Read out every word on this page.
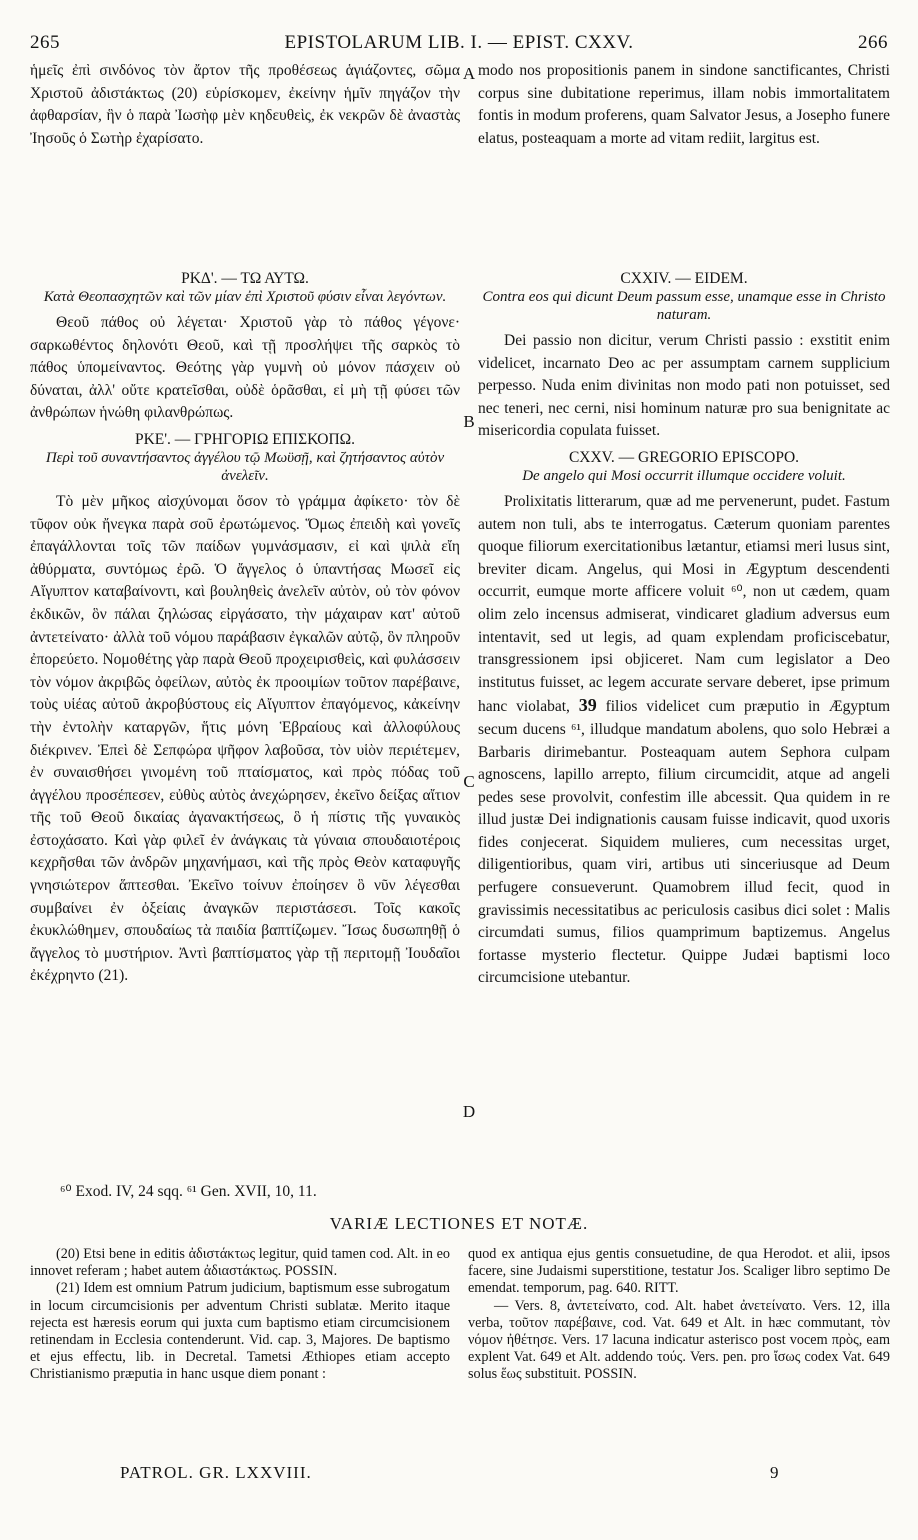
265	EPISTOLARUM LIB. I. — EPIST. CXXV.	266

ἡμεῖς ἐπὶ σινδόνος τὸν ἄρτον τῆς προθέσεως ἁγιάζοντες, σῶμα Χριστοῦ ἀδιστάκτως (20) εὑρίσκομεν, ἐκείνην ἡμῖν πηγάζον τὴν ἀφθαρσίαν, ἣν ὁ παρὰ Ἰωσὴφ μὲν κηδευθεὶς, ἐκ νεκρῶν δὲ ἀναστὰς Ἰησοῦς ὁ Σωτὴρ ἐχαρίσατο.

ΡΚΔ'. — ΤΩ ΑΥΤΩ.
Κατὰ Θεοπασχητῶν καὶ τῶν μίαν ἐπὶ Χριστοῦ φύσιν εἶναι λεγόντων.

Θεοῦ πάθος οὐ λέγεται· Χριστοῦ γὰρ τὸ πάθος γέγονε· σαρκωθέντος δηλονότι Θεοῦ, καὶ τῇ προσλήψει τῆς σαρκὸς τὸ πάθος ὑπομείναντος. Θεότης γὰρ γυμνὴ οὐ μόνον πάσχειν οὐ δύναται, ἀλλ' οὔτε κρατεῖσθαι, οὐδὲ ὁρᾶσθαι, εἰ μὴ τῇ φύσει τῶν ἀνθρώπων ἡνώθη φιλανθρώπως.

ΡΚΕ'. — ΓΡΗΓΟΡΙΩ ΕΠΙΣΚΟΠΩ.
Περὶ τοῦ συναντήσαντος ἀγγέλου τῷ Μωϋσῇ, καὶ ζητήσαντος αὐτὸν ἀνελεῖν.

Τὸ μὲν μῆκος αἰσχύνομαι ὅσον τὸ γράμμα ἀφίκετο· τὸν δὲ τῦφον οὐκ ἤνεγκα παρὰ σοῦ ἐρωτώμενος. Ὅμως ἐπειδὴ καὶ γονεῖς ἐπαγάλλονται τοῖς τῶν παίδων γυμνάσμασιν, εἰ καὶ ψιλὰ εἴη ἀθύρματα, συντόμως ἐρῶ. Ὁ ἄγγελος ὁ ὑπαντήσας Μωσεῖ εἰς Αἴγυπτον καταβαίνοντι, καὶ βουληθεὶς ἀνελεῖν αὐτὸν, οὐ τὸν φόνον ἐκδικῶν, ὃν πάλαι ζηλώσας εἰργάσατο, τὴν μάχαιραν κατ' αὐτοῦ ἀντετείνατο· ἀλλὰ τοῦ νόμου παράβασιν ἐγκαλῶν αὐτῷ, ὃν πληροῦν ἐπορεύετο. Νομοθέτης γὰρ παρὰ Θεοῦ προχειρισθεὶς, καὶ φυλάσσειν τὸν νόμον ἀκριβῶς ὀφείλων, αὐτὸς ἐκ προοιμίων τοῦτον παρέβαινε, τοὺς υἱέας αὐτοῦ ἀκροβύστους εἰς Αἴγυπτον ἐπαγόμενος, κἀκείνην τὴν ἐντολὴν καταργῶν, ἥτις μόνη Ἑβραίους καὶ ἀλλοφύλους διέκρινεν. Ἐπεὶ δὲ Σεπφώρα ψῆφον λαβοῦσα, τὸν υἱὸν περιέτεμεν, ἐν συναισθήσει γινομένη τοῦ πταίσματος, καὶ πρὸς πόδας τοῦ ἀγγέλου προσέπεσεν, εὐθὺς αὐτὸς ἀνεχώρησεν, ἐκεῖνο δείξας αἴτιον τῆς τοῦ Θεοῦ δικαίας ἀγανακτήσεως, ὃ ἡ πίστις τῆς γυναικὸς ἐστοχάσατο. Καὶ γὰρ φιλεῖ ἐν ἀνάγκαις τὰ γύναια σπουδαιοτέροις κεχρῆσθαι τῶν ἀνδρῶν μηχανήμασι, καὶ τῆς πρὸς Θεὸν καταφυγῆς γνησιώτερον ἅπτεσθαι. Ἐκεῖνο τοίνυν ἐποίησεν ὃ νῦν λέγεσθαι συμβαίνει ἐν ὀξείαις ἀναγκῶν περιστάσεσι. Τοῖς κακοῖς ἐκυκλώθημεν, σπουδαίως τὰ παιδία βαπτίζωμεν. Ἴσως δυσωπηθῇ ὁ ἄγγελος τὸ μυστήριον. Ἀντὶ βαπτίσματος γὰρ τῇ περιτομῇ Ἰουδαῖοι ἐκέχρηντο (21).

A
B
C
D

modo nos propositionis panem in sindone sanctificantes, Christi corpus sine dubitatione reperimus, illam nobis immortalitatem fontis in modum proferens, quam Salvator Jesus, a Josepho funere elatus, posteaquam a morte ad vitam rediit, largitus est.

CXXIV. — EIDEM.
Contra eos qui dicunt Deum passum esse, unamque esse in Christo naturam.

Dei passio non dicitur, verum Christi passio : exstitit enim videlicet, incarnato Deo ac per assumptam carnem supplicium perpesso. Nuda enim divinitas non modo pati non potuisset, sed nec teneri, nec cerni, nisi hominum naturæ pro sua benignitate ac misericordia copulata fuisset.

CXXV. — GREGORIO EPISCOPO.
De angelo qui Mosi occurrit illumque occidere voluit.

Prolixitatis litterarum, quæ ad me pervenerunt, pudet. Fastum autem non tuli, abs te interrogatus. Cæterum quoniam parentes quoque filiorum exercitationibus lætantur, etiamsi meri lusus sint, breviter dicam. Angelus, qui Mosi in Ægyptum descendenti occurrit, eumque morte afficere voluit ⁶⁰, non ut cædem, quam olim zelo incensus admiserat, vindicaret gladium adversus eum intentavit, sed ut legis, ad quam explendam proficiscebatur, transgressionem ipsi objiceret. Nam cum legislator a Deo institutus fuisset, ac legem accurate servare deberet, ipse primum hanc violabat, 39 filios videlicet cum præputio in Ægyptum secum ducens ⁶¹, illudque mandatum abolens, quo solo Hebræi a Barbaris dirimebantur. Posteaquam autem Sephora culpam agnoscens, lapillo arrepto, filium circumcidit, atque ad angeli pedes sese provolvit, confestim ille abcessit. Qua quidem in re illud justæ Dei indignationis causam fuisse indicavit, quod uxoris fides conjecerat. Siquidem mulieres, cum necessitas urget, diligentioribus, quam viri, artibus uti sinceriusque ad Deum perfugere consueverunt. Quamobrem illud fecit, quod in gravissimis necessitatibus ac periculosis casibus dici solet : Malis circumdati sumus, filios quamprimum baptizemus. Angelus fortasse mysterio flectetur. Quippe Judæi baptismi loco circumcisione utebantur.

⁶⁰ Exod. IV, 24 sqq. ⁶¹ Gen. XVII, 10, 11.
VARIÆ LECTIONES ET NOTÆ.

(20) Etsi bene in editis ἀδιστάκτως legitur, quid tamen cod. Alt. in eo innovet referam ; habet autem ἀδιαστάκτως. POSSIN.

(21) Idem est omnium Patrum judicium, baptismum esse subrogatum in locum circumcisionis per adventum Christi sublatæ. Merito itaque rejecta est hæresis eorum qui juxta cum baptismo etiam circumcisionem retinendam in Ecclesia contenderunt. Vid. cap. 3, Majores. De baptismo et ejus effectu, lib. in Decretal. Tametsi Æthiopes etiam accepto Christianismo præputia in hanc usque diem ponant :

quod ex antiqua ejus gentis consuetudine, de qua Herodot. et alii, ipsos facere, sine Judaismi superstitione, testatur Jos. Scaliger libro septimo De emendat. temporum, pag. 640. RITT.

— Vers. 8, ἀντετείνατο, cod. Alt. habet ἀνετείνατο. Vers. 12, illa verba, τοῦτον παρέβαινε, cod. Vat. 649 et Alt. in hæc commutant, τὸν νόμον ἠθέτησε. Vers. 17 lacuna indicatur asterisco post vocem πρὸς, eam explent Vat. 649 et Alt. addendo τούς. Vers. pen. pro ἴσως codex Vat. 649 solus ἕως substituit. POSSIN.

PATROL. GR. LXXVIII.	9
